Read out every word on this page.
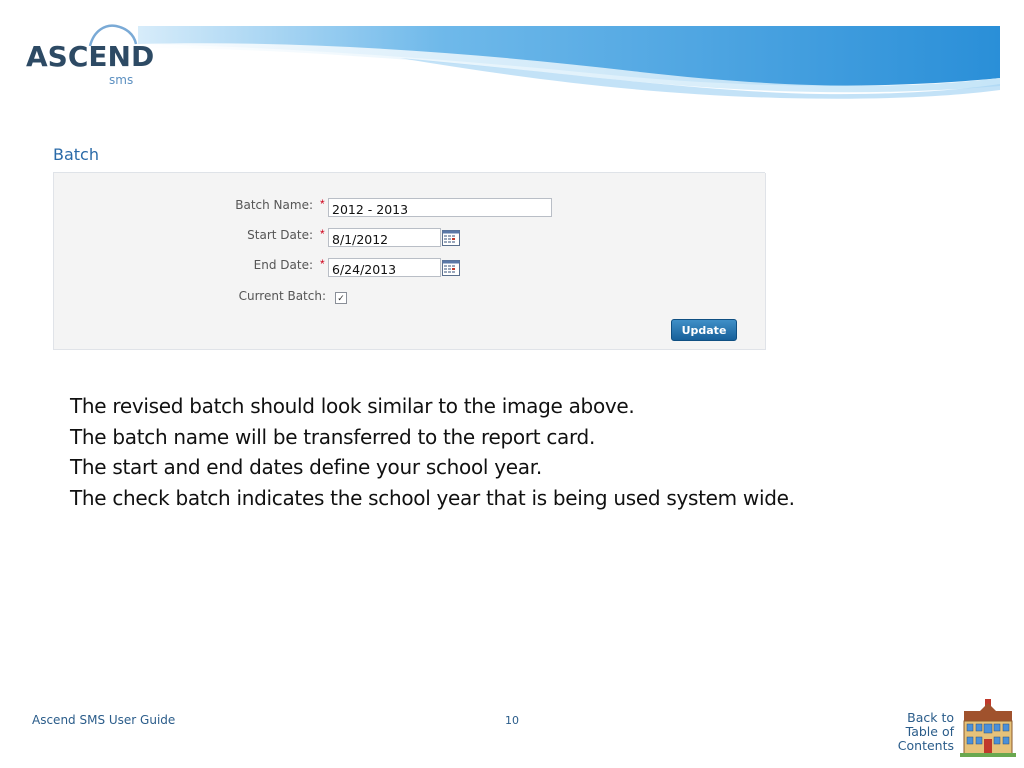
ASCEND
sms
Batch
Batch Name: * 2012 - 2013
Start Date: * 8/1/2012
End Date: * 6/24/2013
Current Batch: ✓
Update
The revised batch should look similar to the image above.
The batch name will be transferred to the report card.
The start and end dates define your school year.
The check batch indicates the school year that is being used system wide.
Ascend SMS User Guide	10	Back to
Table of
Contents
